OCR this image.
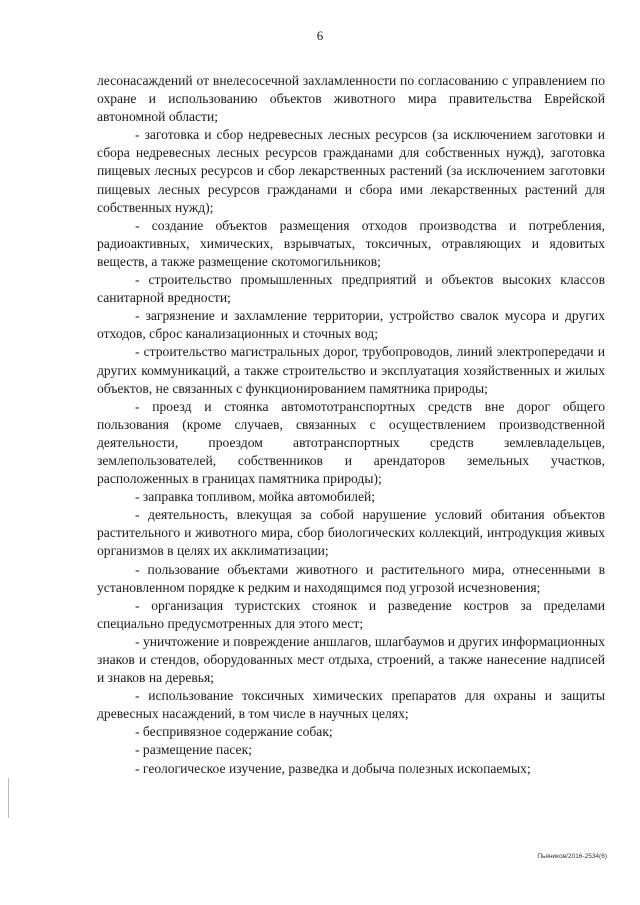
6

лесонасаждений от внелесосечной захламленности по согласованию с управлением по охране и использованию объектов животного мира правительства Еврейской автономной области;

- заготовка и сбор недревесных лесных ресурсов (за исключением заготовки и сбора недревесных лесных ресурсов гражданами для собственных нужд), заготовка пищевых лесных ресурсов и сбор лекарственных растений (за исключением заготовки пищевых лесных ресурсов гражданами и сбора ими лекарственных растений для собственных нужд);

- создание объектов размещения отходов производства и потребления, радиоактивных, химических, взрывчатых, токсичных, отравляющих и ядовитых веществ, а также размещение скотомогильников;

- строительство промышленных предприятий и объектов высоких классов санитарной вредности;

- загрязнение и захламление территории, устройство свалок мусора и других отходов, сброс канализационных и сточных вод;

- строительство магистральных дорог, трубопроводов, линий электропередачи и других коммуникаций, а также строительство и эксплуатация хозяйственных и жилых объектов, не связанных с функционированием памятника природы;

- проезд и стоянка автомототранспортных средств вне дорог общего пользования (кроме случаев, связанных с осуществлением производственной деятельности, проездом автотранспортных средств землевладельцев, землепользователей, собственников и арендаторов земельных участков, расположенных в границах памятника природы);

- заправка топливом, мойка автомобилей;

- деятельность, влекущая за собой нарушение условий обитания объектов растительного и животного мира, сбор биологических коллекций, интродукция живых организмов в целях их акклиматизации;

- пользование объектами животного и растительного мира, отнесенными в установленном порядке к редким и находящимся под угрозой исчезновения;

- организация туристских стоянок и разведение костров за пределами специально предусмотренных для этого мест;

- уничтожение и повреждение аншлагов, шлагбаумов и других информационных знаков и стендов, оборудованных мест отдыха, строений, а также нанесение надписей и знаков на деревья;

- использование токсичных химических препаратов для охраны и защиты древесных насаждений, в том числе в научных целях;

- беспривязное содержание собак;

- размещение пасек;

- геологическое изучение, разведка и добыча полезных ископаемых;

Пьяников/2016-2534(6)
